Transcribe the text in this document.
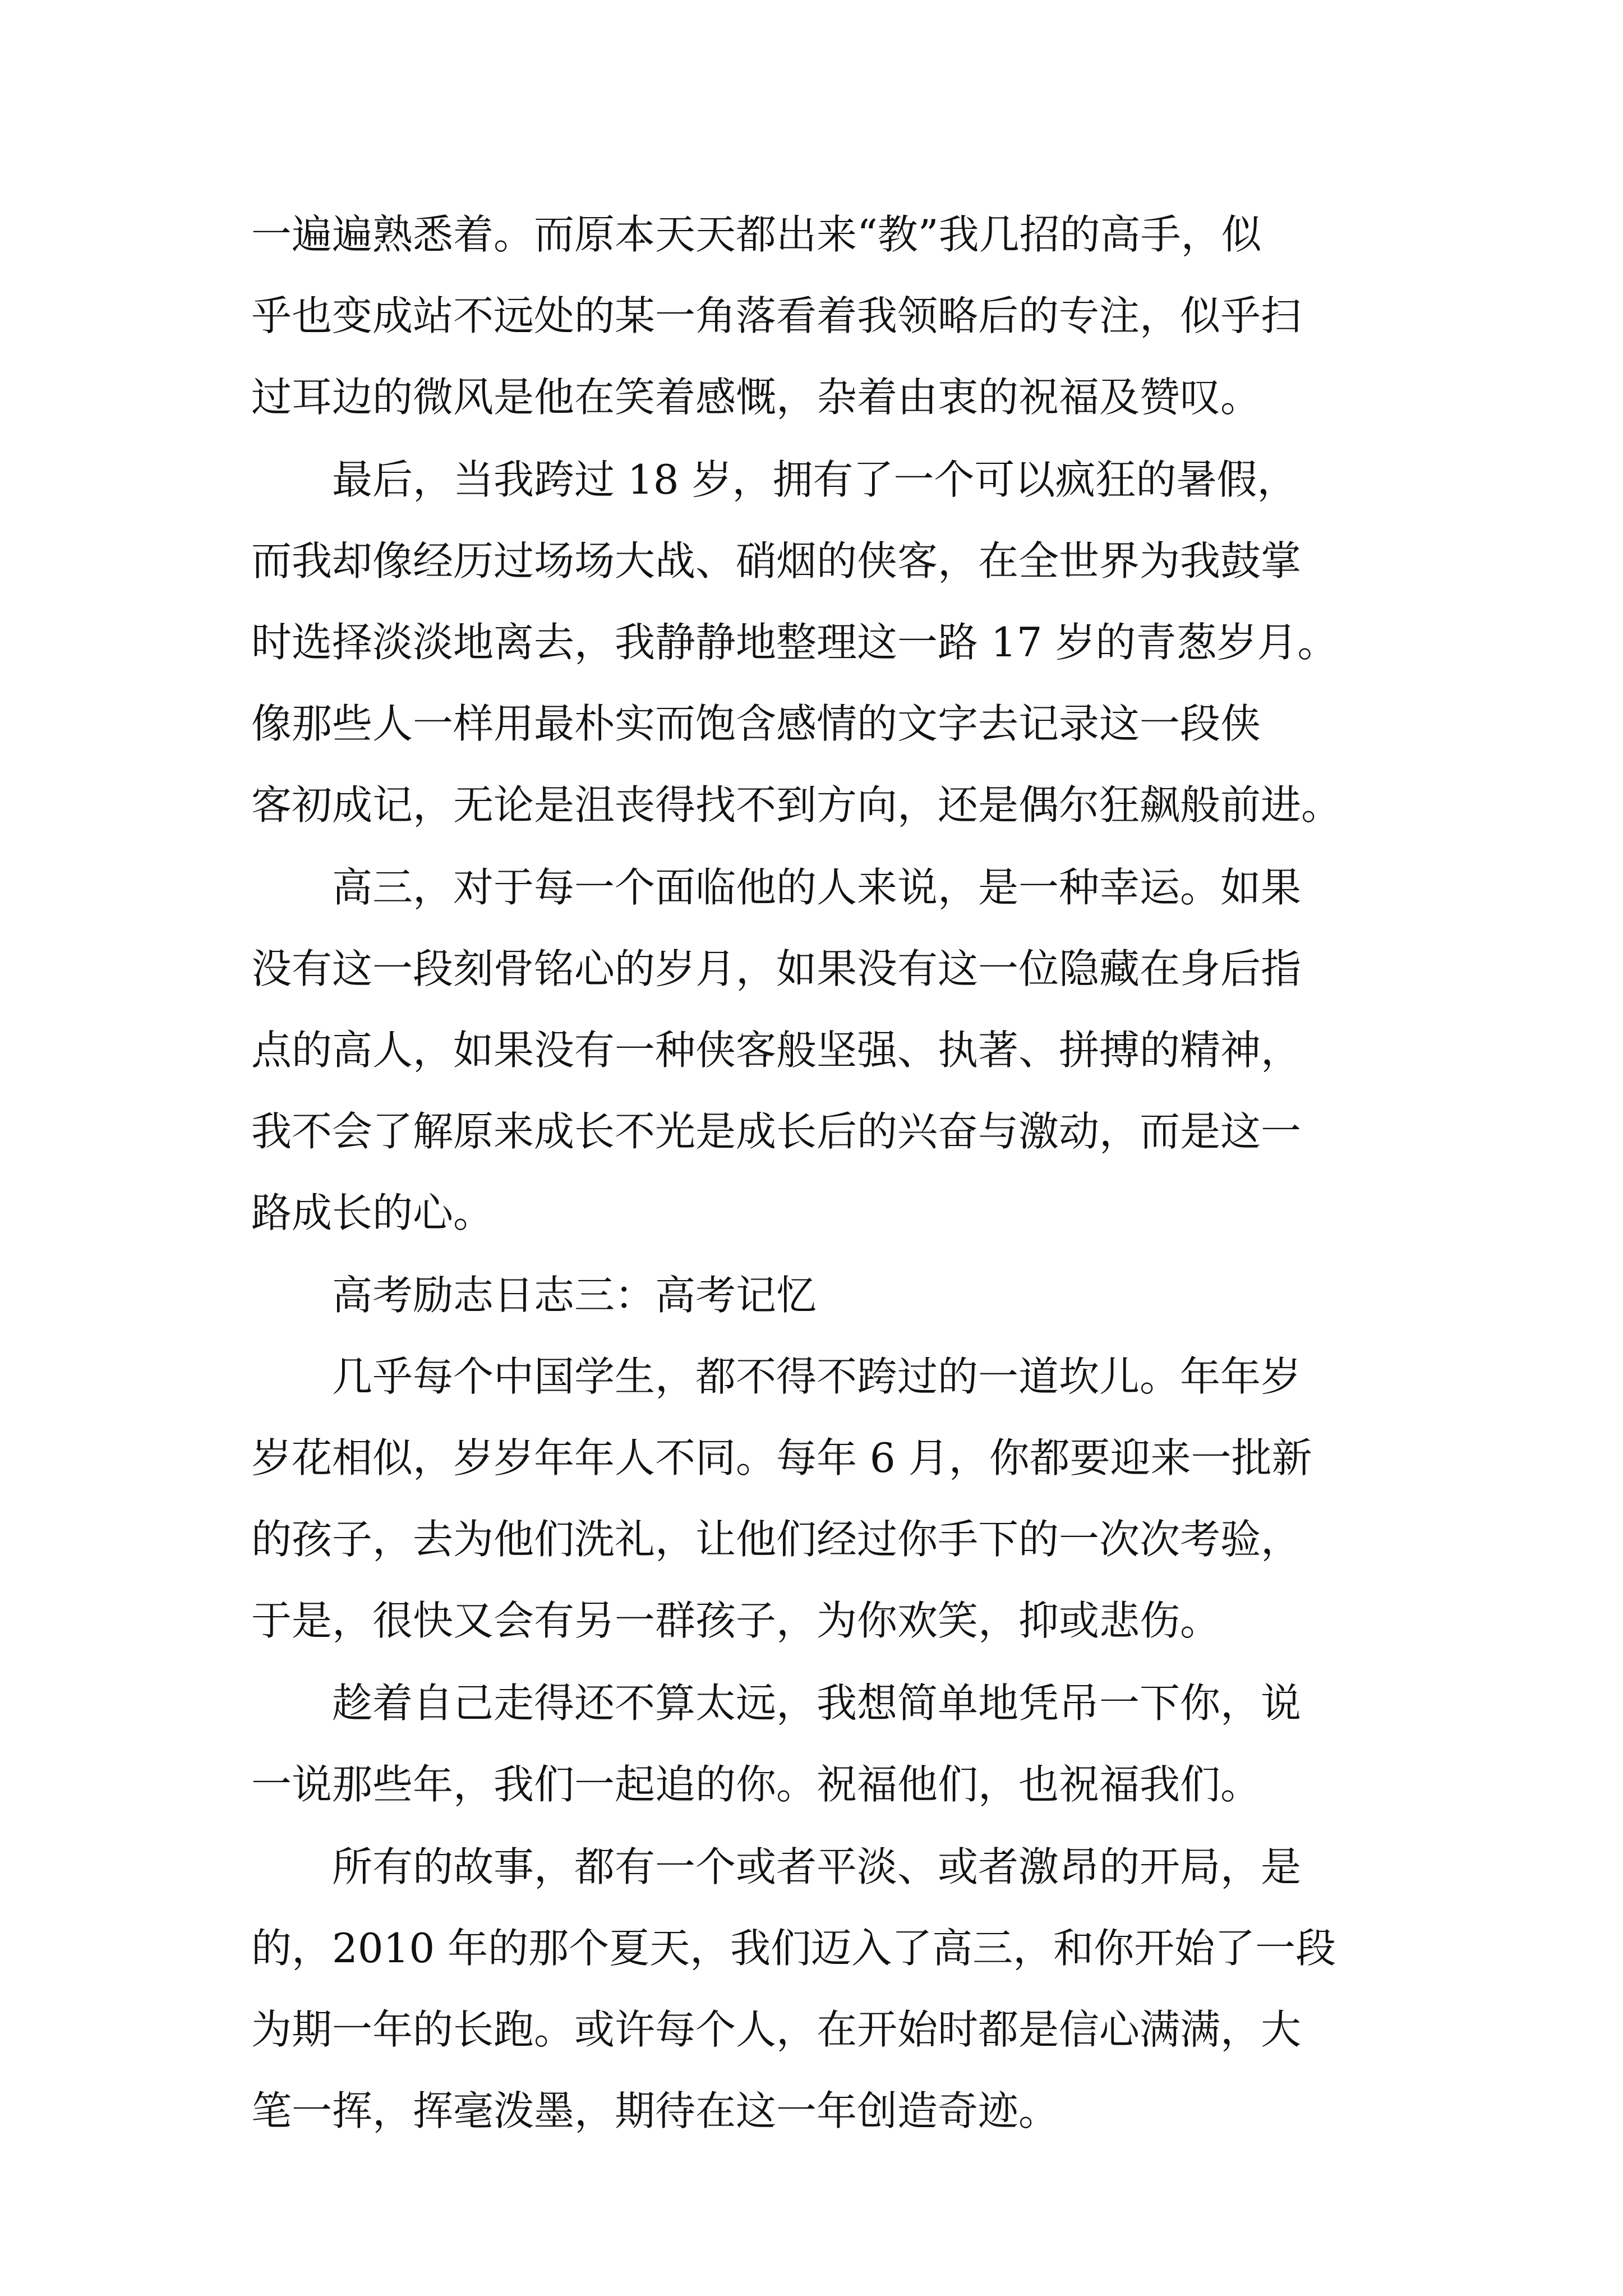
一遍遍熟悉着。而原本天天都出来“教”我几招的高手，似
乎也变成站不远处的某一角落看着我领略后的专注，似乎扫
过耳边的微风是他在笑着感慨，杂着由衷的祝福及赞叹。
最后，当我跨过 18 岁，拥有了一个可以疯狂的暑假，
而我却像经历过场场大战、硝烟的侠客，在全世界为我鼓掌
时选择淡淡地离去，我静静地整理这一路 17 岁的青葱岁月。
像那些人一样用最朴实而饱含感情的文字去记录这一段侠
客初成记，无论是沮丧得找不到方向，还是偶尔狂飙般前进。
高三，对于每一个面临他的人来说，是一种幸运。如果
没有这一段刻骨铭心的岁月，如果没有这一位隐藏在身后指
点的高人，如果没有一种侠客般坚强、执著、拼搏的精神，
我不会了解原来成长不光是成长后的兴奋与激动，而是这一
路成长的心。
高考励志日志三：高考记忆
几乎每个中国学生，都不得不跨过的一道坎儿。年年岁
岁花相似，岁岁年年人不同。每年 6 月，你都要迎来一批新
的孩子，去为他们洗礼，让他们经过你手下的一次次考验，
于是，很快又会有另一群孩子，为你欢笑，抑或悲伤。
趁着自己走得还不算太远，我想简单地凭吊一下你，说
一说那些年，我们一起追的你。祝福他们，也祝福我们。
所有的故事，都有一个或者平淡、或者激昂的开局，是
的，2010 年的那个夏天，我们迈入了高三，和你开始了一段
为期一年的长跑。或许每个人，在开始时都是信心满满，大
笔一挥，挥毫泼墨，期待在这一年创造奇迹。
